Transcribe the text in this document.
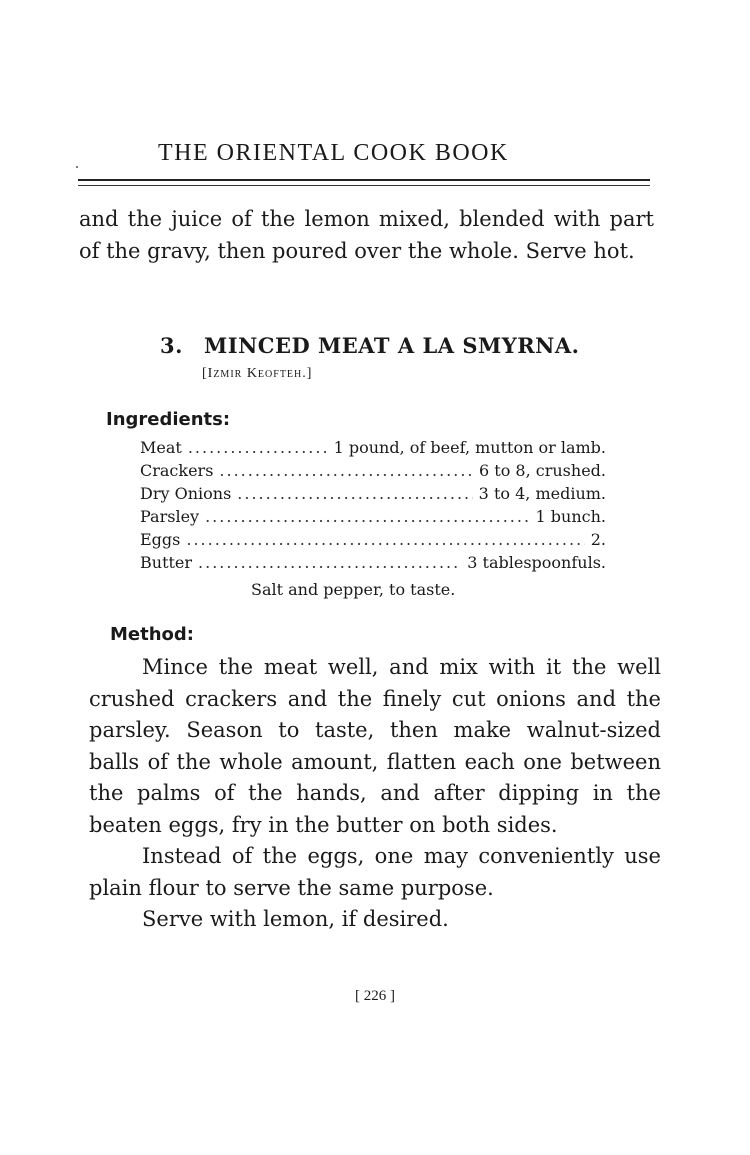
THE ORIENTAL COOK BOOK

and the juice of the lemon mixed, blended with part of the gravy, then poured over the whole. Serve hot.

3. MINCED MEAT A LA SMYRNA.
[Izmir Keofteh.]
Ingredients:
Meat .....	1 pound, of beef, mutton or lamb.
Crackers .....	6 to 8, crushed.
Dry Onions .....	3 to 4, medium.
Parsley .....	1 bunch.
Eggs .....	2.
Butter .....	3 tablespoonfuls.
Salt and pepper, to taste.
Method:

Mince the meat well, and mix with it the well crushed crackers and the finely cut onions and the parsley. Season to taste, then make walnut-sized balls of the whole amount, flatten each one between the palms of the hands, and after dipping in the beaten eggs, fry in the butter on both sides.

Instead of the eggs, one may conveniently use plain flour to serve the same purpose.

Serve with lemon, if desired.

[ 226 ]
